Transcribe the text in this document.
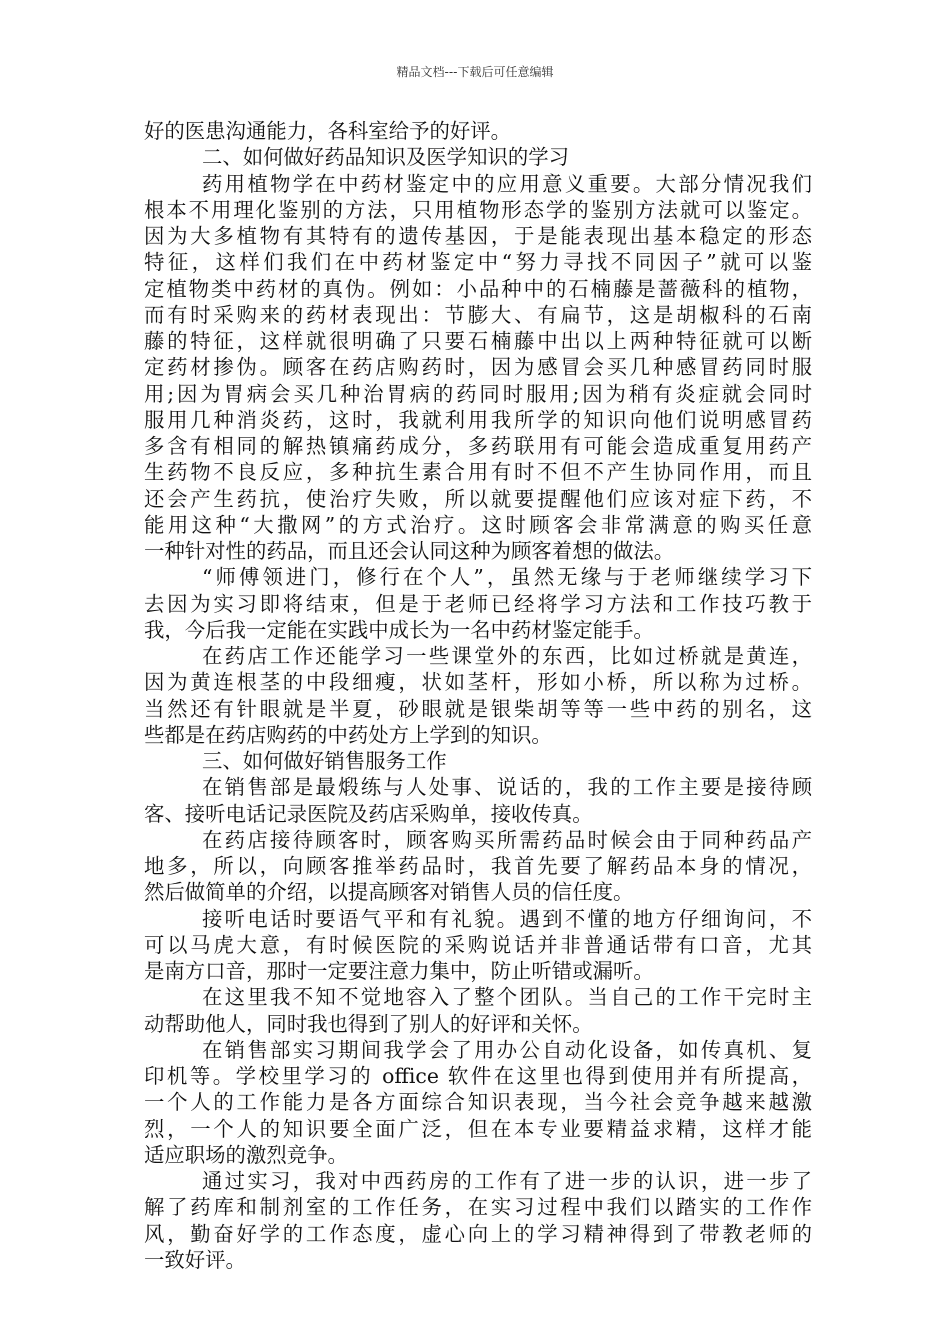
精品文档---下载后可任意编辑
好的医患沟通能力，各科室给予的好评。
二、如何做好药品知识及医学知识的学习
药用植物学在中药材鉴定中的应用意义重要。大部分情况我们
根本不用理化鉴别的方法，只用植物形态学的鉴别方法就可以鉴定。
因为大多植物有其特有的遗传基因，于是能表现出基本稳定的形态
特征，这样们我们在中药材鉴定中“努力寻找不同因子”就可以鉴
定植物类中药材的真伪。例如：小品种中的石楠藤是蔷薇科的植物，
而有时采购来的药材表现出：节膨大、有扁节，这是胡椒科的石南
藤的特征，这样就很明确了只要石楠藤中出以上两种特征就可以断
定药材掺伪。顾客在药店购药时，因为感冒会买几种感冒药同时服
用;因为胃病会买几种治胃病的药同时服用;因为稍有炎症就会同时
服用几种消炎药，这时，我就利用我所学的知识向他们说明感冒药
多含有相同的解热镇痛药成分，多药联用有可能会造成重复用药产
生药物不良反应，多种抗生素合用有时不但不产生协同作用，而且
还会产生药抗，使治疗失败，所以就要提醒他们应该对症下药，不
能用这种“大撒网”的方式治疗。这时顾客会非常满意的购买任意
一种针对性的药品，而且还会认同这种为顾客着想的做法。
“师傅领进门，修行在个人”，虽然无缘与于老师继续学习下
去因为实习即将结束，但是于老师已经将学习方法和工作技巧教于
我，今后我一定能在实践中成长为一名中药材鉴定能手。
在药店工作还能学习一些课堂外的东西，比如过桥就是黄连，
因为黄连根茎的中段细瘦，状如茎杆，形如小桥，所以称为过桥。
当然还有针眼就是半夏，砂眼就是银柴胡等等一些中药的别名，这
些都是在药店购药的中药处方上学到的知识。
三、如何做好销售服务工作
在销售部是最煅练与人处事、说话的，我的工作主要是接待顾
客、接听电话记录医院及药店采购单，接收传真。
在药店接待顾客时，顾客购买所需药品时候会由于同种药品产
地多，所以，向顾客推举药品时，我首先要了解药品本身的情况，
然后做简单的介绍，以提高顾客对销售人员的信任度。
接听电话时要语气平和有礼貌。遇到不懂的地方仔细询问，不
可以马虎大意，有时候医院的采购说话并非普通话带有口音，尤其
是南方口音，那时一定要注意力集中，防止听错或漏听。
在这里我不知不觉地容入了整个团队。当自己的工作干完时主
动帮助他人，同时我也得到了别人的好评和关怀。
在销售部实习期间我学会了用办公自动化设备，如传真机、复
印机等。学校里学习的 office 软件在这里也得到使用并有所提高，
一个人的工作能力是各方面综合知识表现，当今社会竞争越来越激
烈，一个人的知识要全面广泛，但在本专业要精益求精，这样才能
适应职场的激烈竞争。
通过实习，我对中西药房的工作有了进一步的认识，进一步了
解了药库和制剂室的工作任务，在实习过程中我们以踏实的工作作
风，勤奋好学的工作态度，虚心向上的学习精神得到了带教老师的
一致好评。
